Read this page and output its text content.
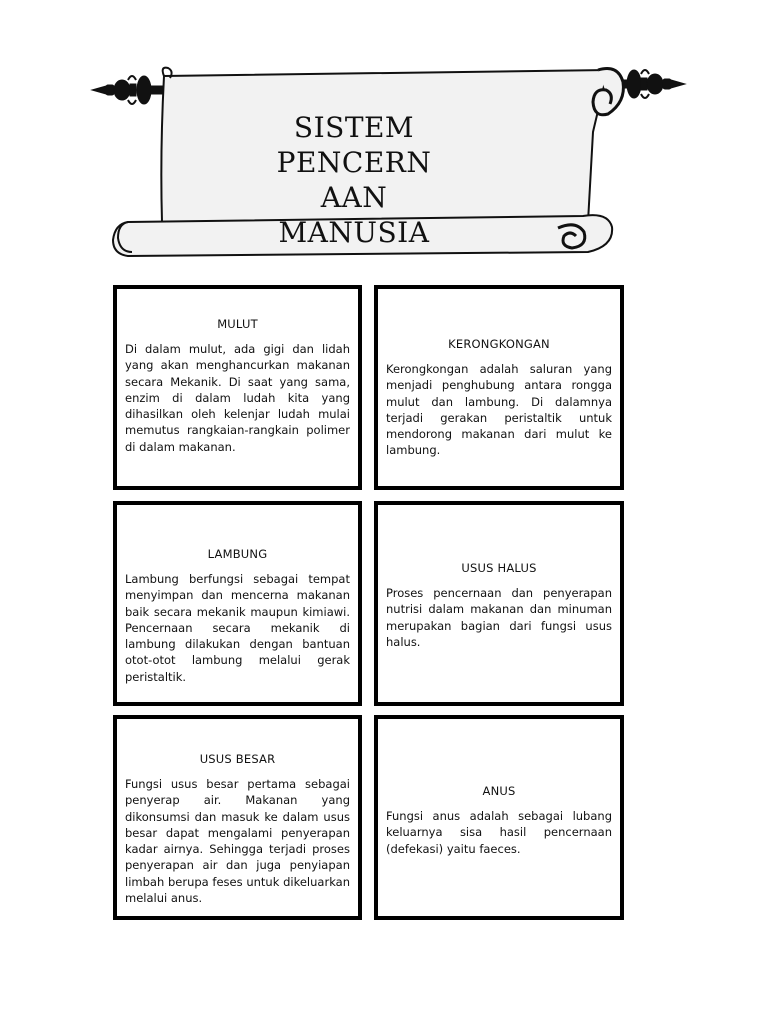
SISTEM
PENCERN
AAN
MANUSIA
MULUT
Di dalam mulut, ada gigi dan lidah yang akan menghancurkan makanan secara Mekanik. Di saat yang sama, enzim di dalam ludah kita yang dihasilkan oleh kelenjar ludah mulai memutus rangkaian-rangkain polimer di dalam makanan.
KERONGKONGAN
Kerongkongan adalah saluran yang menjadi penghubung antara rongga mulut dan lambung. Di dalamnya terjadi gerakan peristaltik untuk mendorong makanan dari mulut ke lambung.
LAMBUNG
Lambung berfungsi sebagai tempat menyimpan dan mencerna makanan baik secara mekanik maupun kimiawi. Pencernaan secara mekanik di lambung dilakukan dengan bantuan otot-otot lambung melalui gerak peristaltik.
USUS HALUS
Proses pencernaan dan penyerapan nutrisi dalam makanan dan minuman merupakan bagian dari fungsi usus halus.
USUS BESAR
Fungsi usus besar pertama sebagai penyerap air. Makanan yang dikonsumsi dan masuk ke dalam usus besar dapat mengalami penyerapan kadar airnya. Sehingga terjadi proses penyerapan air dan juga penyiapan limbah berupa feses untuk dikeluarkan melalui anus.
ANUS
Fungsi anus adalah sebagai lubang keluarnya sisa hasil pencernaan (defekasi) yaitu faeces.
